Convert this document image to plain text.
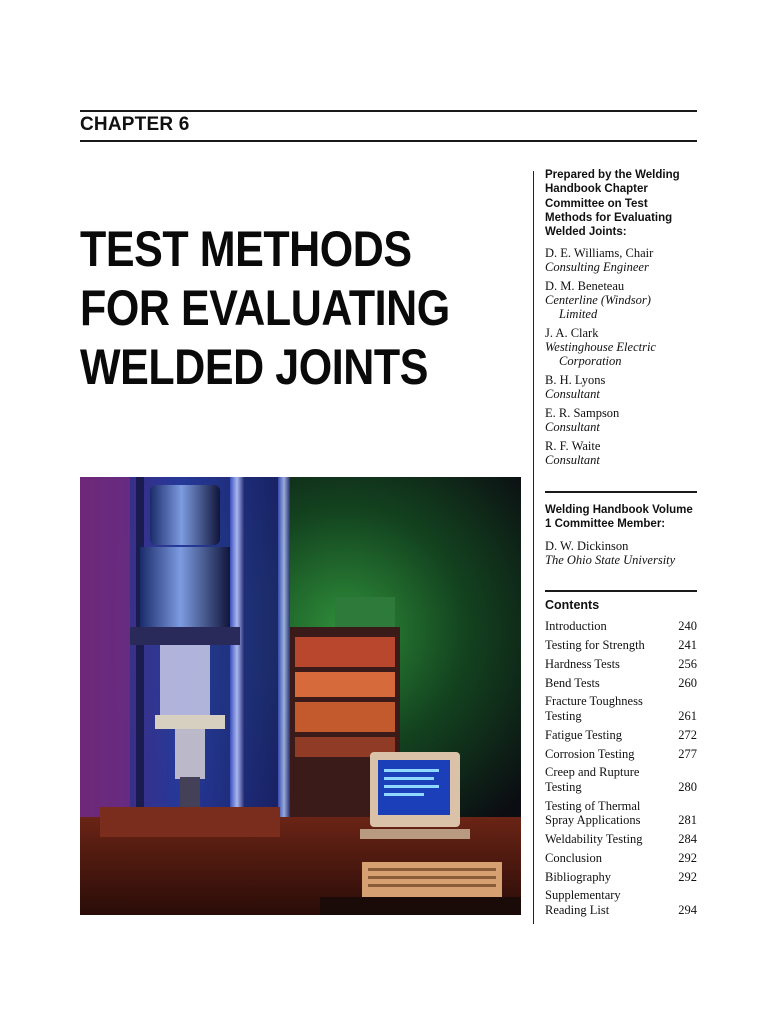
CHAPTER 6
TEST METHODS
FOR EVALUATING
WELDED JOINTS
Prepared by the Welding Handbook Chapter Committee on Test Methods for Evaluating Welded Joints:
D. E. Williams, Chair
Consulting Engineer
D. M. Beneteau
Centerline (Windsor)
Limited
J. A. Clark
Westinghouse Electric
Corporation
B. H. Lyons
Consultant
E. R. Sampson
Consultant
R. F. Waite
Consultant
Welding Handbook Volume 1 Committee Member:
D. W. Dickinson
The Ohio State University
Contents
Introduction	240
Testing for Strength	241
Hardness Tests	256
Bend Tests	260
Fracture Toughness
Testing	261
Fatigue Testing	272
Corrosion Testing	277
Creep and Rupture
Testing	280
Testing of Thermal
Spray Applications	281
Weldability Testing	284
Conclusion	292
Bibliography	292
Supplementary
Reading List	294
